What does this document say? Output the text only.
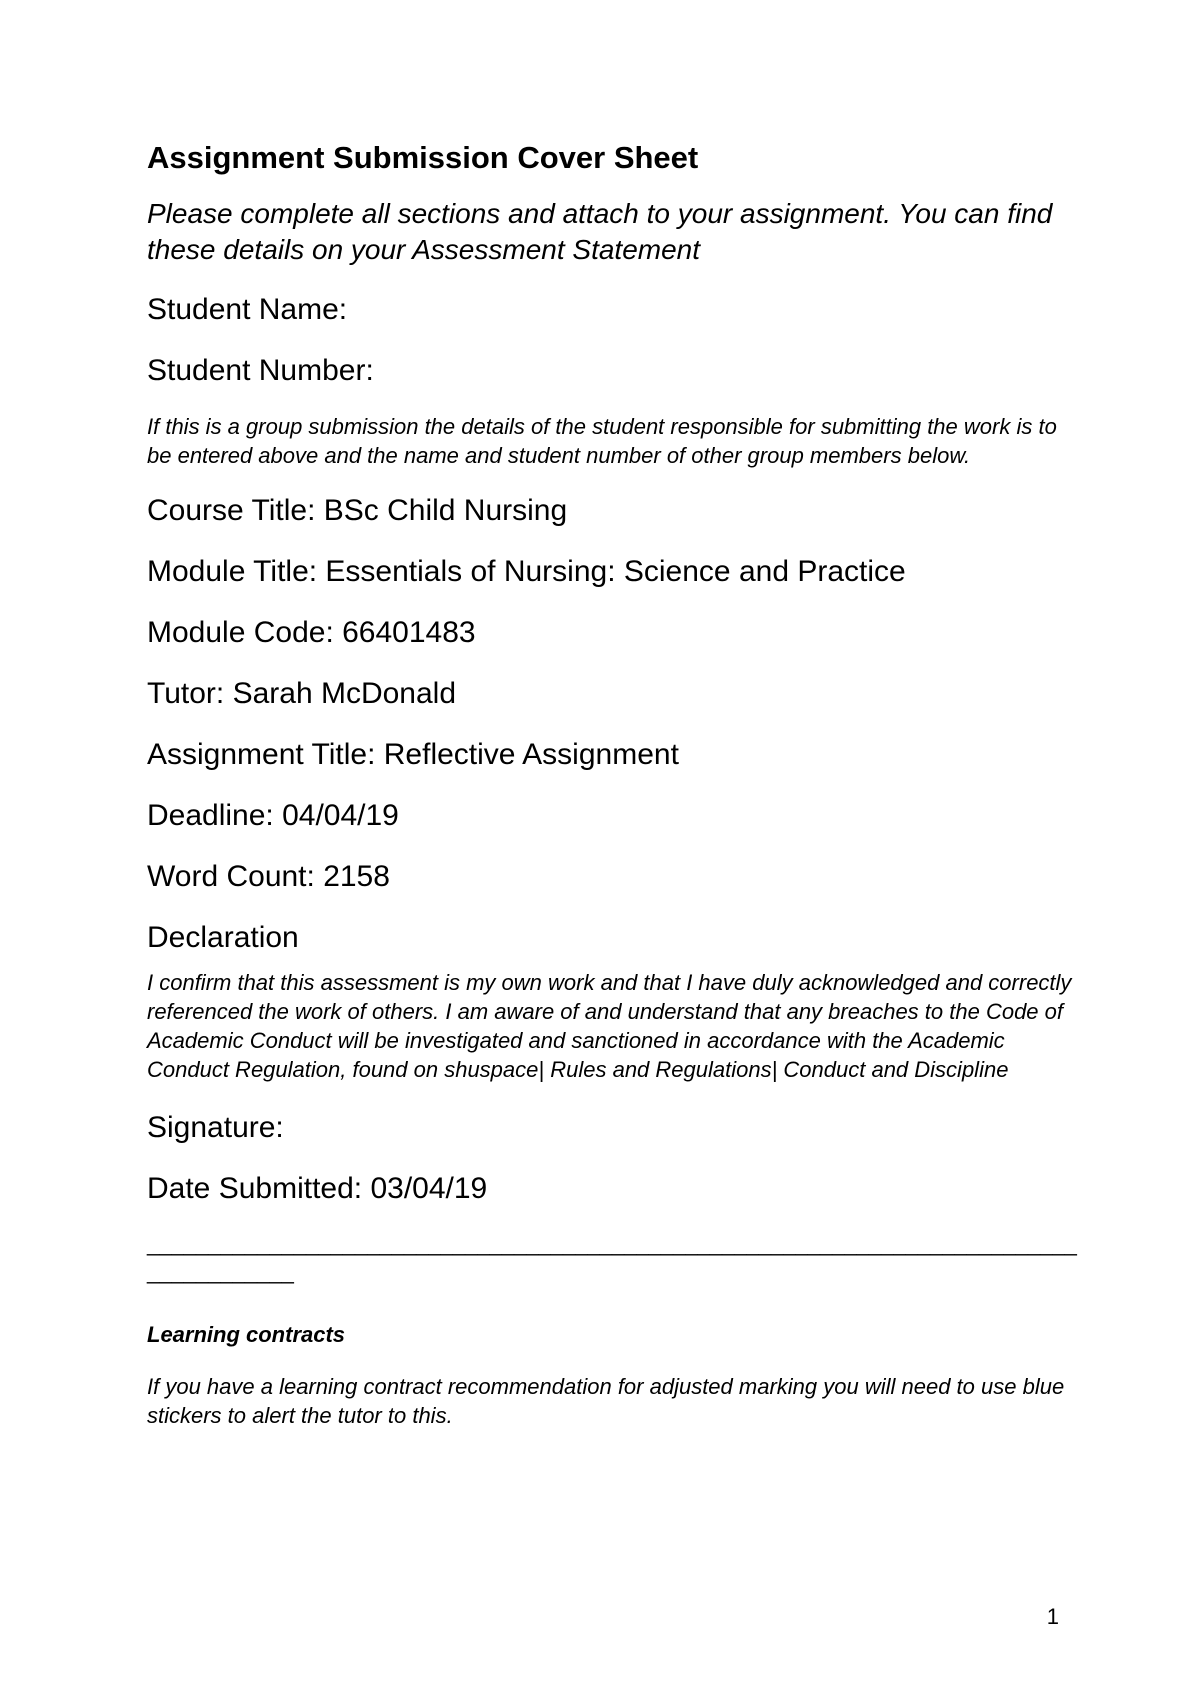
Assignment Submission Cover Sheet
Please complete all sections and attach to your assignment. You can find these details on your Assessment Statement
Student Name:
Student Number:
If this is a group submission the details of the student responsible for submitting the work is to be entered above and the name and student number of other group members below.
Course Title: BSc Child Nursing
Module Title: Essentials of Nursing: Science and Practice
Module Code: 66401483
Tutor: Sarah McDonald
Assignment Title: Reflective Assignment
Deadline: 04/04/19
Word Count: 2158
Declaration
I confirm that this assessment is my own work and that I have duly acknowledged and correctly referenced the work of others. I am aware of and understand that any breaches to the Code of Academic Conduct will be investigated and sanctioned in accordance with the Academic Conduct Regulation, found on shuspace| Rules and Regulations| Conduct and Discipline
Signature:
Date Submitted: 03/04/19
________________________________________________________________________________________
Learning contracts
If you have a learning contract recommendation for adjusted marking you will need to use blue stickers to alert the tutor to this.
1
